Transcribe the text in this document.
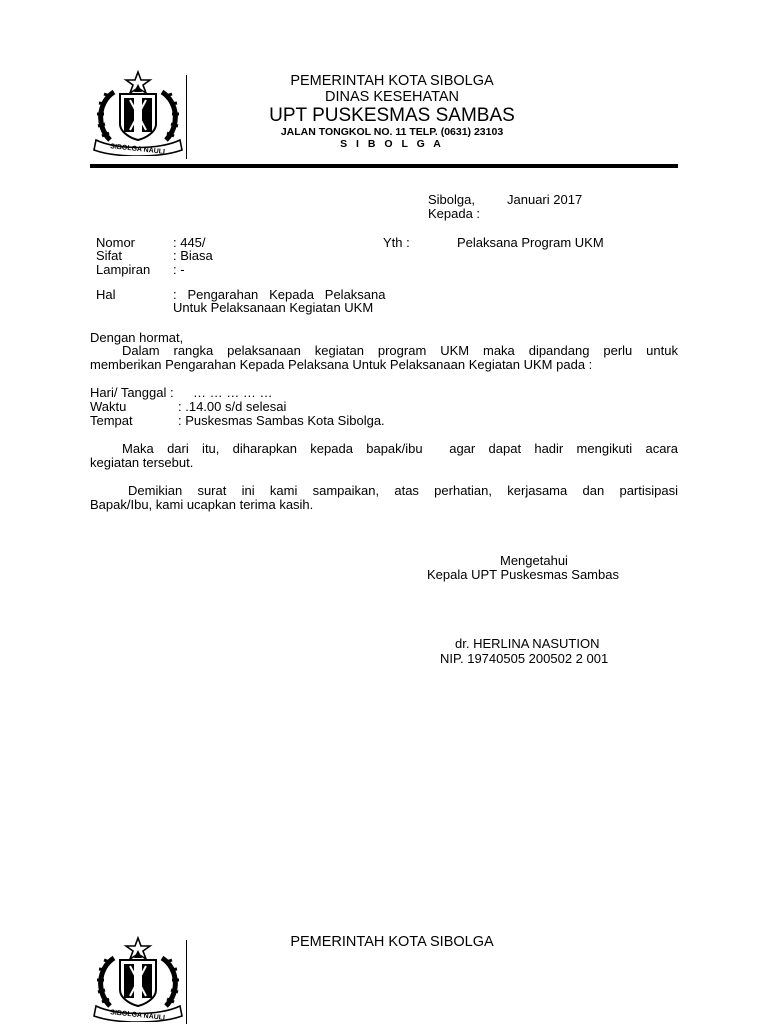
SIBOLGA NAULI
PEMERINTAH KOTA SIBOLGA
DINAS KESEHATAN
UPT PUSKESMAS SAMBAS
JALAN TONGKOL NO. 11 TELP. (0631) 23103
S I B O L G A
Sibolga, Januari 2017
Kepada :
Nomor	: 445/	Yth :	Pelaksana Program UKM
Sifat	: Biasa
Lampiran : -
Hal	:   Pengarahan   Kepada   Pelaksana
Untuk Pelaksanaan Kegiatan UKM
Dengan hormat,
Dalam rangka pelaksanaan kegiatan program UKM maka dipandang perlu untuk
memberikan Pengarahan Kepada Pelaksana Untuk Pelaksanaan Kegiatan UKM pada :
Hari/ Tanggal : … … … … …
Waktu	: .14.00 s/d selesai
Tempat	: Puskesmas Sambas Kota Sibolga.
Maka dari itu, diharapkan kepada bapak/ibu  agar dapat hadir mengikuti acara
kegiatan tersebut.
Demikian surat ini kami sampaikan, atas perhatian, kerjasama dan partisipasi
Bapak/Ibu, kami ucapkan terima kasih.
Mengetahui
Kepala UPT Puskesmas Sambas
dr. HERLINA NASUTION
NIP. 19740505 200502 2 001
SIBOLGA NAULI
PEMERINTAH KOTA SIBOLGA
